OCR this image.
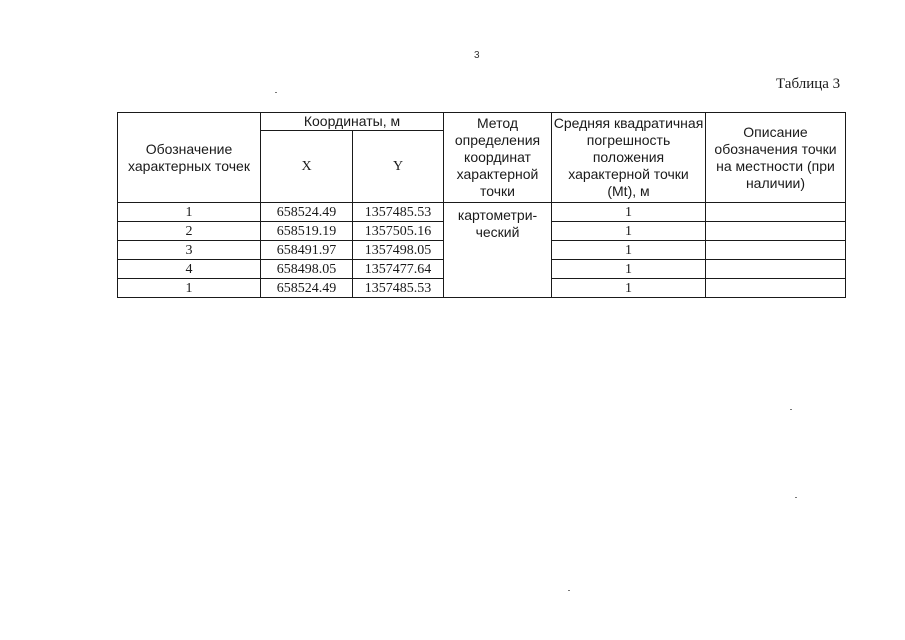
3
Таблица 3
Обозначение характерных точек	Координаты, м		Метод определения координат характерной точки	Средняя квадратичная погрешность положения характерной точки (Mt), м	Описание обозначения точки на местности (при наличии)
	X	Y			
1	658524.49	1357485.53	картометри- ческий	1	
2	658519.19	1357505.16		1	
3	658491.97	1357498.05		1	
4	658498.05	1357477.64		1	
1	658524.49	1357485.53		1	
